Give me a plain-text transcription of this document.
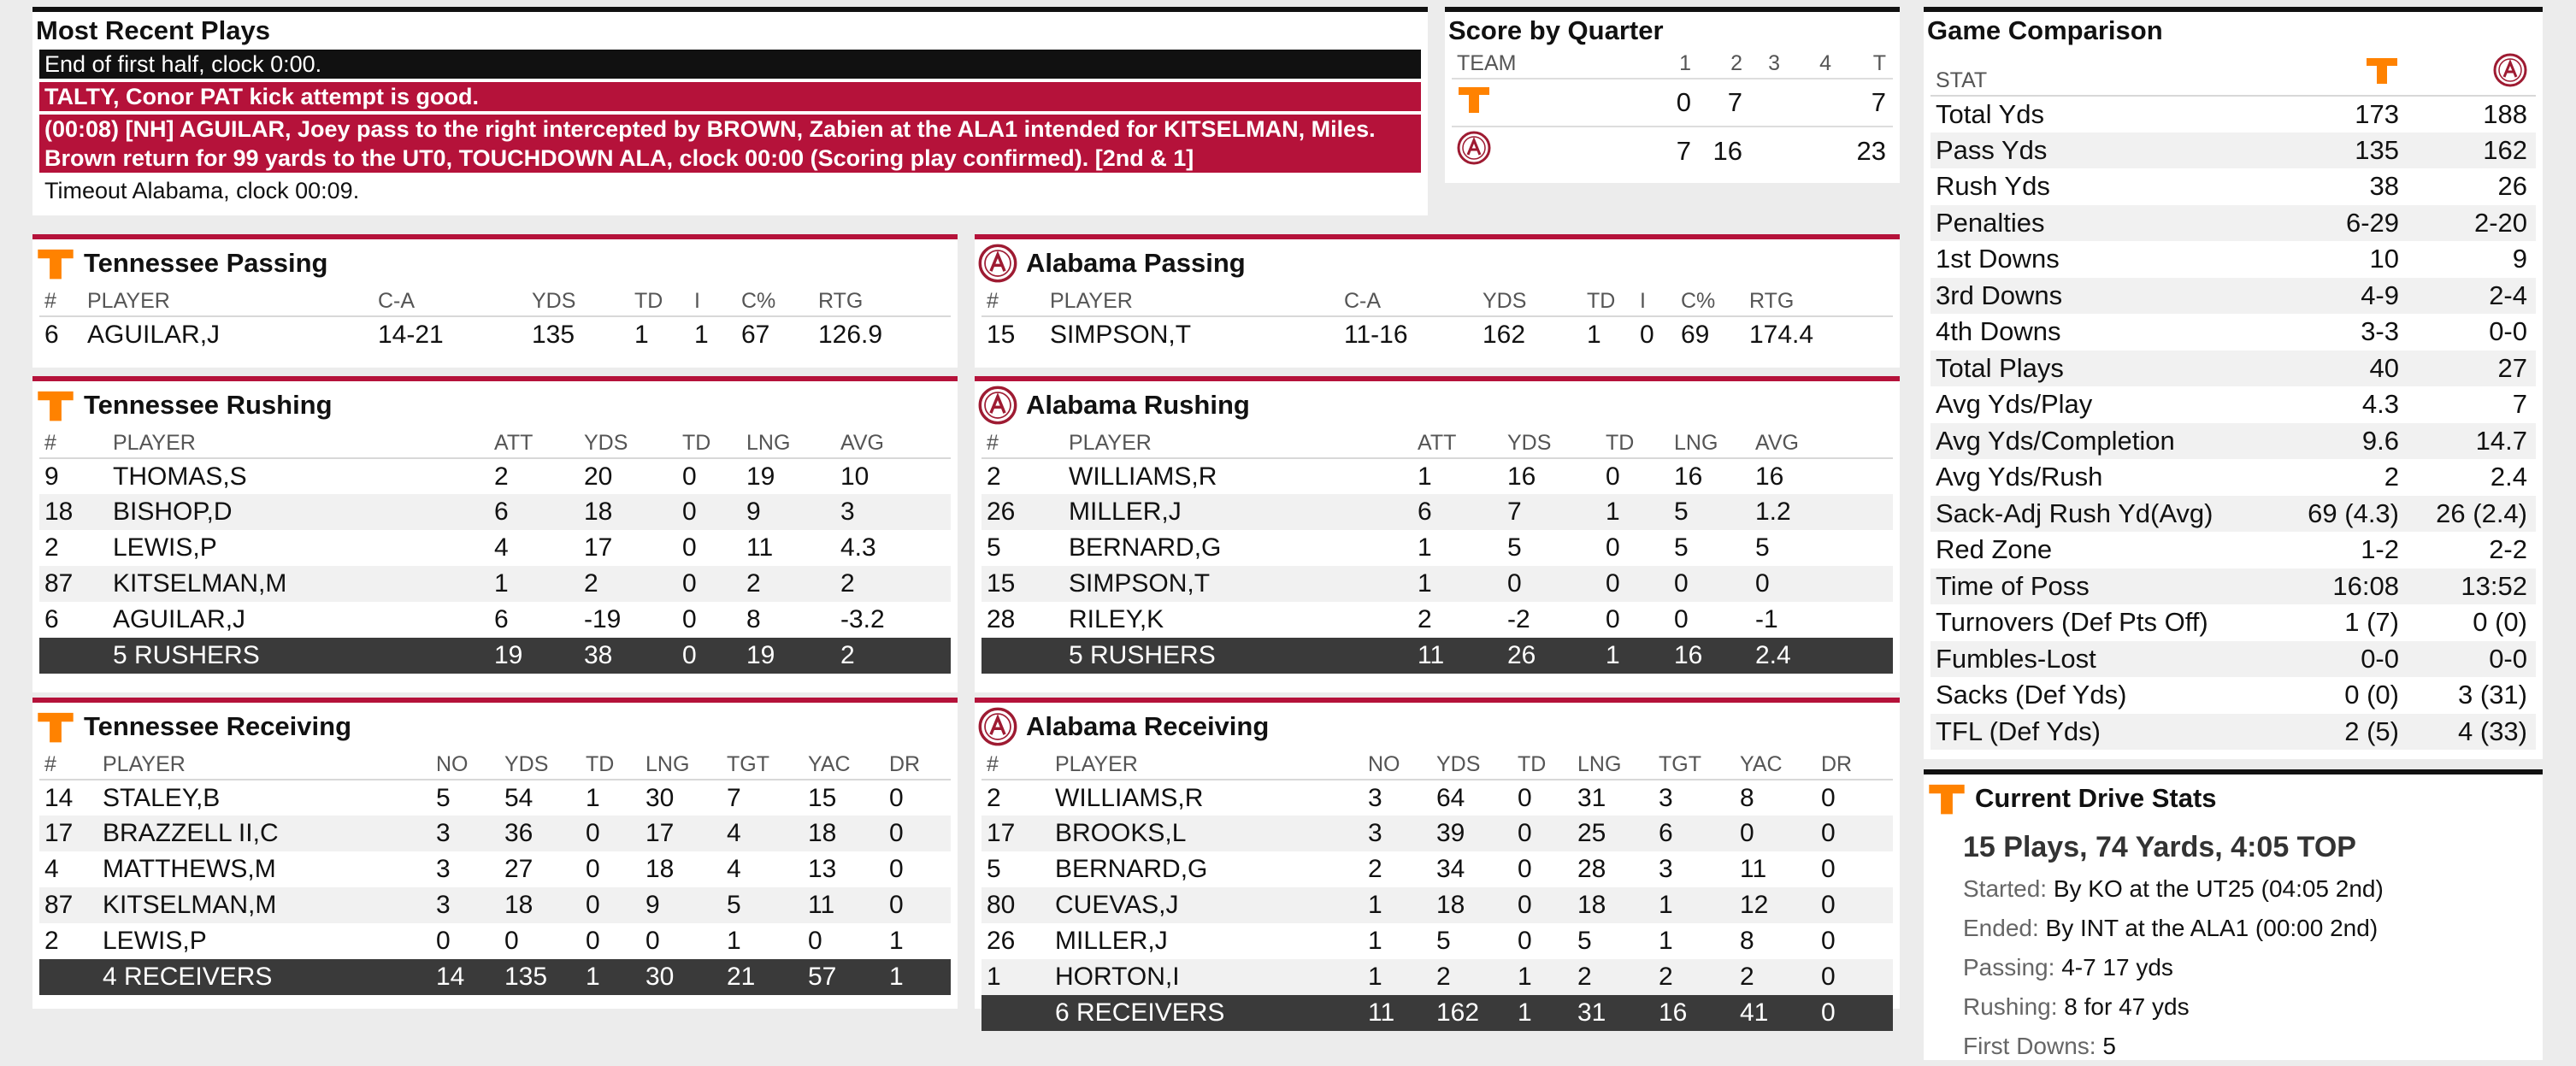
Most Recent Plays
End of first half, clock 0:00.
TALTY, Conor PAT kick attempt is good.
(00:08) [NH] AGUILAR, Joey pass to the right intercepted by BROWN, Zabien at the ALA1 intended for KITSELMAN, Miles. Brown return for 99 yards to the UT0, TOUCHDOWN ALA, clock 00:00 (Scoring play confirmed). [2nd & 1]
Timeout Alabama, clock 00:09.
Score by Quarter
TEAM	1	2	3	4	T
	0	7			7
	7	16			23
Game Comparison
STAT		
Total Yds	173	188
Pass Yds	135	162
Rush Yds	38	26
Penalties	6-29	2-20
1st Downs	10	9
3rd Downs	4-9	2-4
4th Downs	3-3	0-0
Total Plays	40	27
Avg Yds/Play	4.3	7
Avg Yds/Completion	9.6	14.7
Avg Yds/Rush	2	2.4
Sack-Adj Rush Yd(Avg)	69 (4.3)	26 (2.4)
Red Zone	1-2	2-2
Time of Poss	16:08	13:52
Turnovers (Def Pts Off)	1 (7)	0 (0)
Fumbles-Lost	0-0	0-0
Sacks (Def Yds)	0 (0)	3 (31)
TFL (Def Yds)	2 (5)	4 (33)
Current Drive Stats
15 Plays, 74 Yards, 4:05 TOP
Started: By KO at the UT25 (04:05 2nd)
Ended: By INT at the ALA1 (00:00 2nd)
Passing: 4-7 17 yds
Rushing: 8 for 47 yds
First Downs: 5
Tennessee Passing
#	PLAYER	C-A	YDS	TD	I	C%	RTG
6	AGUILAR,J	14-21	135	1	1	67	126.9
Alabama Passing
#	PLAYER	C-A	YDS	TD	I	C%	RTG
15	SIMPSON,T	11-16	162	1	0	69	174.4
Tennessee Rushing
#	PLAYER	ATT	YDS	TD	LNG	AVG
9	THOMAS,S	2	20	0	19	10
18	BISHOP,D	6	18	0	9	3
2	LEWIS,P	4	17	0	11	4.3
87	KITSELMAN,M	1	2	0	2	2
6	AGUILAR,J	6	-19	0	8	-3.2
	5 RUSHERS	19	38	0	19	2
Alabama Rushing
#	PLAYER	ATT	YDS	TD	LNG	AVG
2	WILLIAMS,R	1	16	0	16	16
26	MILLER,J	6	7	1	5	1.2
5	BERNARD,G	1	5	0	5	5
15	SIMPSON,T	1	0	0	0	0
28	RILEY,K	2	-2	0	0	-1
	5 RUSHERS	11	26	1	16	2.4
Tennessee Receiving
#	PLAYER	NO	YDS	TD	LNG	TGT	YAC	DR
14	STALEY,B	5	54	1	30	7	15	0
17	BRAZZELL II,C	3	36	0	17	4	18	0
4	MATTHEWS,M	3	27	0	18	4	13	0
87	KITSELMAN,M	3	18	0	9	5	11	0
2	LEWIS,P	0	0	0	0	1	0	1
	4 RECEIVERS	14	135	1	30	21	57	1
Alabama Receiving
#	PLAYER	NO	YDS	TD	LNG	TGT	YAC	DR
2	WILLIAMS,R	3	64	0	31	3	8	0
17	BROOKS,L	3	39	0	25	6	0	0
5	BERNARD,G	2	34	0	28	3	11	0
80	CUEVAS,J	1	18	0	18	1	12	0
26	MILLER,J	1	5	0	5	1	8	0
1	HORTON,I	1	2	1	2	2	2	0
	6 RECEIVERS	11	162	1	31	16	41	0
